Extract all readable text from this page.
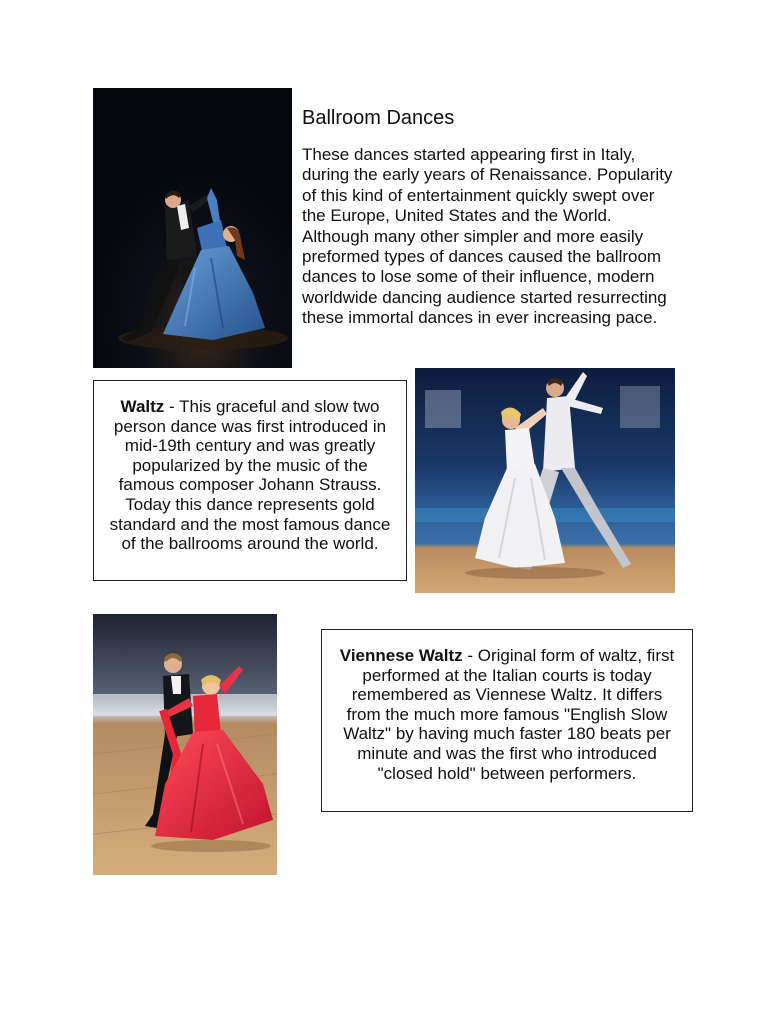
Ballroom Dances

These dances started appearing first in Italy, during the early years of Renaissance. Popularity of this kind of entertainment quickly swept over the Europe, United States and the World. Although many other simpler and more easily preformed types of dances caused the ballroom dances to lose some of their influence, modern worldwide dancing audience started resurrecting these immortal dances in ever increasing pace.

Waltz - This graceful and slow two person dance was first introduced in mid-19th century and was greatly popularized by the music of the famous composer Johann Strauss. Today this dance represents gold standard and the most famous dance of the ballrooms around the world.
Viennese Waltz - Original form of waltz, first performed at the Italian courts is today remembered as Viennese Waltz. It differs from the much more famous "English Slow Waltz" by having much faster 180 beats per minute and was the first who introduced "closed hold" between performers.
